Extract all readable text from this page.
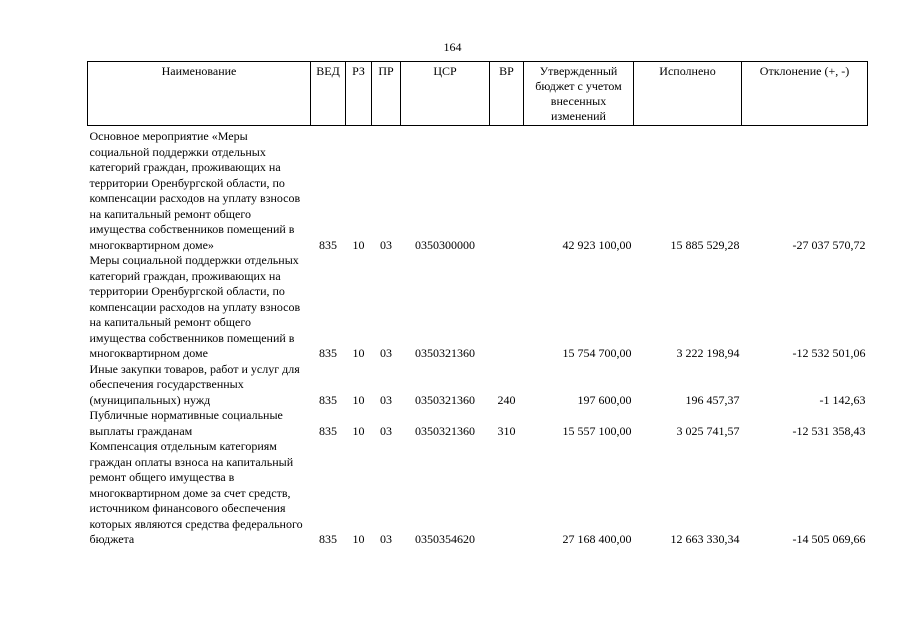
164
Наименование	ВЕД	РЗ	ПР	ЦСР	ВР	Утвержденный бюджет с учетом внесенных изменений	Исполнено	Отклонение (+, -)
Основное мероприятие «Меры социальной поддержки отдельных категорий граждан, проживающих на территории Оренбургской области, по компенсации расходов на уплату взносов на капитальный ремонт общего имущества собственников помещений в многоквартирном доме»	835	10	03	0350300000		42 923 100,00	15 885 529,28	-27 037 570,72
Меры социальной поддержки отдельных категорий граждан, проживающих на территории Оренбургской области, по компенсации расходов на уплату взносов на капитальный ремонт общего имущества собственников помещений в многоквартирном доме	835	10	03	0350321360		15 754 700,00	3 222 198,94	-12 532 501,06
Иные закупки товаров, работ и услуг для обеспечения государственных (муниципальных) нужд	835	10	03	0350321360	240	197 600,00	196 457,37	-1 142,63
Публичные нормативные социальные выплаты гражданам	835	10	03	0350321360	310	15 557 100,00	3 025 741,57	-12 531 358,43
Компенсация отдельным категориям граждан оплаты взноса на капитальный ремонт общего имущества в многоквартирном доме за счет средств, источником финансового обеспечения которых являются средства федерального бюджета	835	10	03	0350354620		27 168 400,00	12 663 330,34	-14 505 069,66
